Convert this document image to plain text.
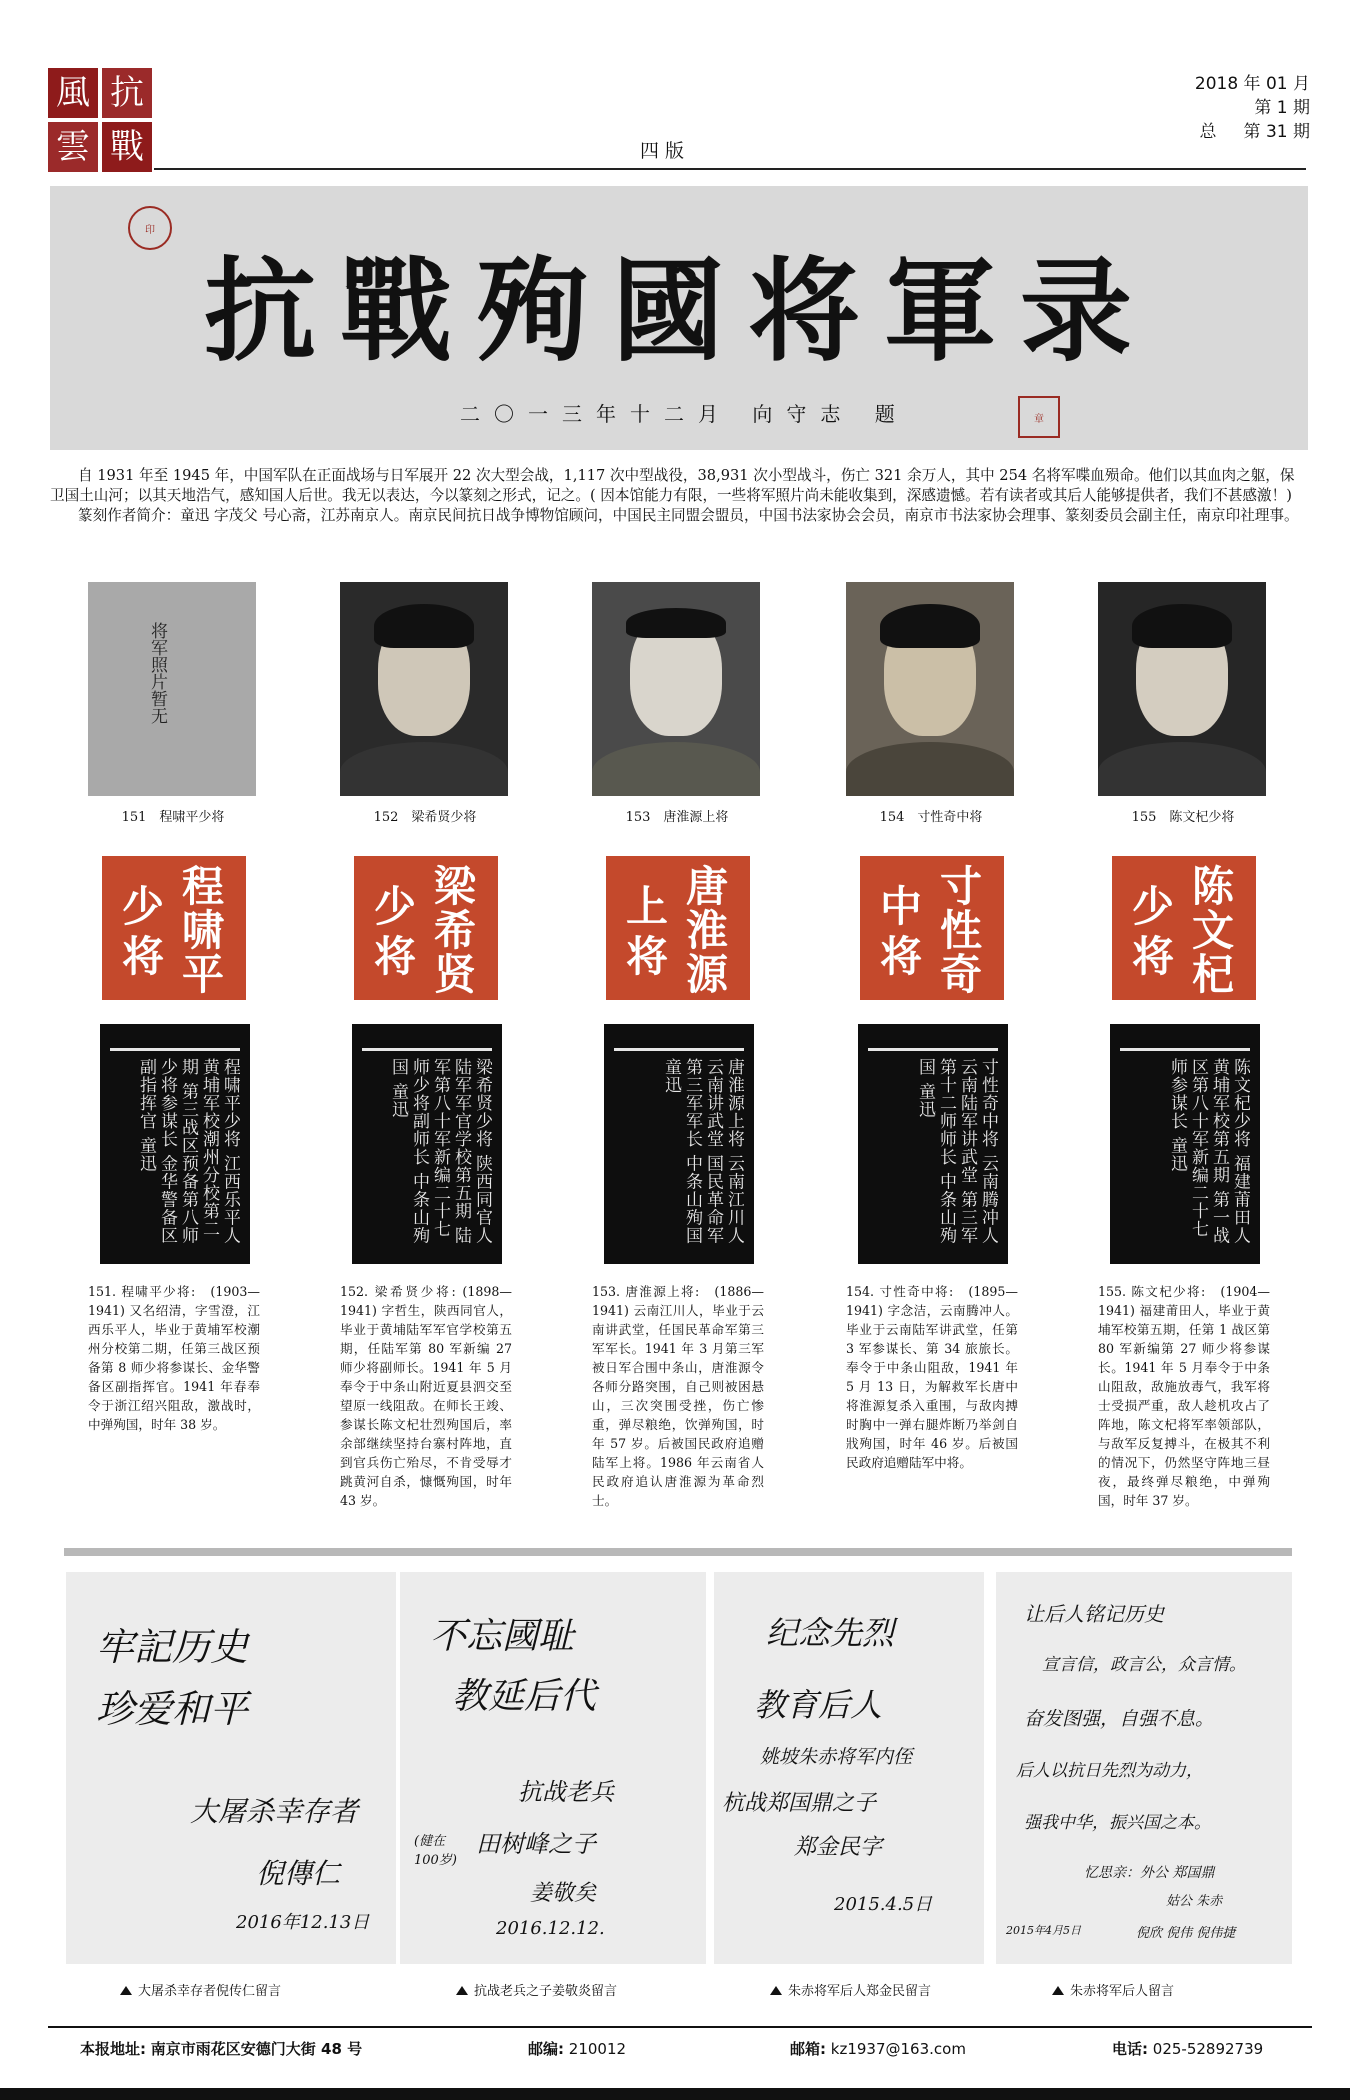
風 抗
雲 戰	四 版
2018 年 01 月
第 1 期
总     第 31 期
印
抗戰殉國将軍录
二〇一三年十二月 向守志 题	章

自 1931 年至 1945 年，中国军队在正面战场与日军展开 22 次大型会战，1,117 次中型战役，38,931 次小型战斗，伤亡 321 余万人，其中 254 名将军喋血殒命。他们以其血肉之躯，保卫国土山河；以其天地浩气，感知国人后世。我无以表达，今以篆刻之形式，记之。( 因本馆能力有限，一些将军照片尚未能收集到，深感遗憾。若有读者或其后人能够提供者，我们不甚感激！)

篆刻作者简介：童迅 字茂父 号心斋，江苏南京人。南京民间抗日战争博物馆顾问，中国民主同盟会盟员，中国书法家协会会员，南京市书法家协会理事、篆刻委员会副主任，南京印社理事。

将军照片暂无
151　程啸平少将
程
啸
平
少
将
程啸平少将 江西乐平人 黄埔军校潮州分校第二期 第三战区预备第八师少将参谋长 金华警备区副指挥官 童迅
151. 程啸平少将:　(1903—1941) 又名绍清，字雪澄，江西乐平人，毕业于黄埔军校潮州分校第二期，任第三战区预备第 8 师少将参谋长、金华警备区副指挥官。1941 年春奉令于浙江绍兴阻敌，激战时，中弹殉国，时年 38 岁。
152　梁希贤少将
梁
希
贤
少
将
梁希贤少将 陕西同官人 陆军军官学校第五期 陆军第八十军新编二十七师少将副师长 中条山殉国 童迅
152. 梁希贤少将: (1898—1941) 字哲生，陕西同官人，毕业于黄埔陆军军官学校第五期，任陆军第 80 军新编 27 师少将副师长。1941 年 5 月奉令于中条山附近夏县泗交至望原一线阻敌。在师长王竣、参谋长陈文杞壮烈殉国后，率余部继续坚持台寨村阵地，直到官兵伤亡殆尽，不肯受辱才跳黄河自杀，慷慨殉国，时年 43 岁。
153　唐淮源上将
唐
淮
源
上
将
唐淮源上将 云南江川人 云南讲武堂 国民革命军第三军军长 中条山殉国 童迅
153. 唐淮源上将:　(1886—1941) 云南江川人，毕业于云南讲武堂，任国民革命军第三军军长。1941 年 3 月第三军被日军合围中条山，唐淮源令各师分路突围，自己则被困悬山，三次突围受挫，伤亡惨重，弹尽粮绝，饮弹殉国，时年 57 岁。后被国民政府追赠陆军上将。1986 年云南省人民政府追认唐淮源为革命烈士。
154　寸性奇中将
寸
性
奇
中
将
寸性奇中将 云南腾冲人 云南陆军讲武堂 第三军第十二师师长 中条山殉国 童迅
154. 寸性奇中将:　(1895—1941) 字念洁，云南腾冲人。毕业于云南陆军讲武堂，任第 3 军参谋长、第 34 旅旅长。奉令于中条山阻敌，1941 年 5 月 13 日，为解救军长唐中将淮源复杀入重围，与敌肉搏时胸中一弹右腿炸断乃举剑自戕殉国，时年 46 岁。后被国民政府追赠陆军中将。
155　陈文杞少将
陈
文
杞
少
将
陈文杞少将 福建莆田人 黄埔军校第五期 第一战区第八十军新编二十七师参谋长 童迅
155. 陈文杞少将:　(1904—1941) 福建莆田人，毕业于黄埔军校第五期，任第 1 战区第 80 军新编第 27 师少将参谋长。1941 年 5 月奉令于中条山阻敌，敌施放毒气，我军将士受损严重，敌人趁机攻占了阵地，陈文杞将军率领部队，与敌军反复搏斗，在极其不利的情况下，仍然坚守阵地三昼夜，最终弹尽粮绝，中弹殉国，时年 37 岁。
牢記历史
珍爱和平
大屠杀幸存者
倪傳仁
2016年12.13日
大屠杀幸存者倪传仁留言
不忘國耻
教延后代
抗战老兵
(健在100岁)
田树峰之子
姜敬矣
2016.12.12.
抗战老兵之子姜敬炎留言
纪念先烈
教育后人
姚坡朱赤将军内侄
杭战郑国鼎之子
郑金民字
2015.4.5日
朱赤将军后人郑金民留言
让后人铭记历史
宣言信，政言公，众言情。
奋发图强，自强不息。
后人以抗日先烈为动力，
强我中华，振兴国之本。
忆思亲：外公 郑国鼎
姑公 朱赤
2015年4月5日	倪欣 倪伟 倪伟捷
朱赤将军后人留言
本报地址: 南京市雨花区安德门大街 48 号	邮编: 210012	邮箱: kz1937@163.com	电话: 025-52892739
